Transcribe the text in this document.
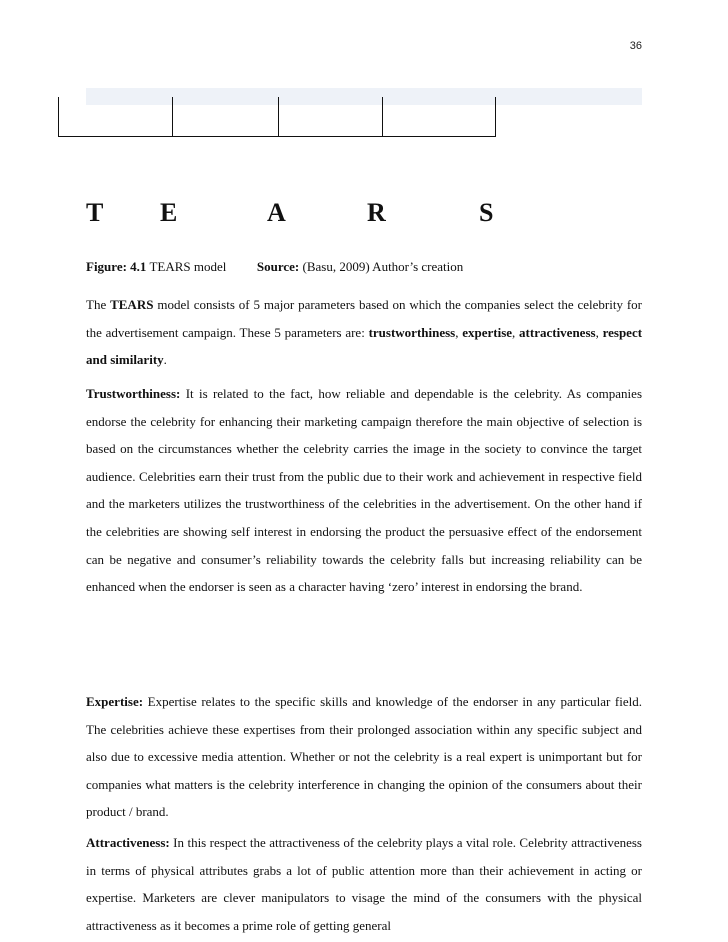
36
T E	A	R	S
Figure: 4.1 TEARS model Source: (Basu, 2009) Author’s creation

The TEARS model consists of 5 major parameters based on which the companies select the celebrity for the advertisement campaign. These 5 parameters are: trustworthiness, expertise, attractiveness, respect and similarity.

Trustworthiness: It is related to the fact, how reliable and dependable is the celebrity. As companies endorse the celebrity for enhancing their marketing campaign therefore the main objective of selection is based on the circumstances whether the celebrity carries the image in the society to convince the target audience. Celebrities earn their trust from the public due to their work and achievement in respective field and the marketers utilizes the trustworthiness of the celebrities in the advertisement. On the other hand if the celebrities are showing self interest in endorsing the product the persuasive effect of the endorsement can be negative and consumer’s reliability towards the celebrity falls but increasing reliability can be enhanced when the endorser is seen as a character having ‘zero’ interest in endorsing the brand.

Expertise: Expertise relates to the specific skills and knowledge of the endorser in any particular field. The celebrities achieve these expertises from their prolonged association within any specific subject and also due to excessive media attention. Whether or not the celebrity is a real expert is unimportant but for companies what matters is the celebrity interference in changing the opinion of the consumers about their product / brand.

Attractiveness: In this respect the attractiveness of the celebrity plays a vital role. Celebrity attractiveness in terms of physical attributes grabs a lot of public attention more than their achievement in acting or expertise. Marketers are clever manipulators to visage the mind of the consumers with the physical attractiveness as it becomes a prime role of getting general
